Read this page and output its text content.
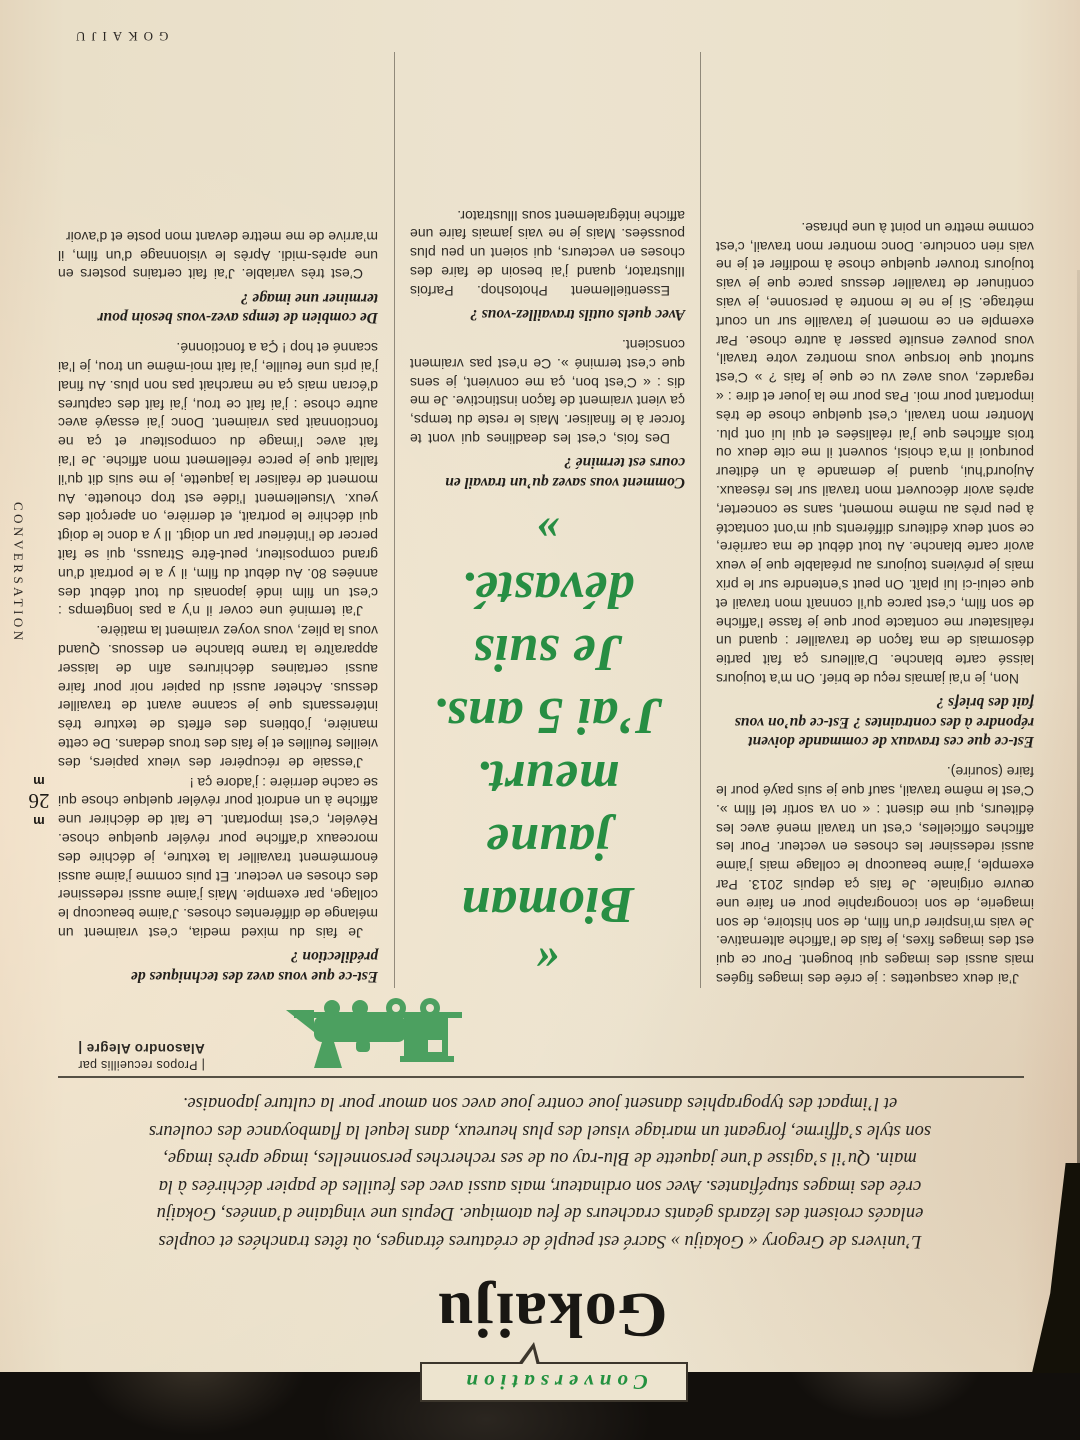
Conversation
Gokaiju
L’univers de Gregory « Gokaiju » Sacré est peuplé de créatures étranges, où têtes tranchées et couples
enlacés croisent des lézards géants cracheurs de feu atomique. Depuis une vingtaine d’années, Gokaiju
crée des images stupéfiantes. Avec son ordinateur, mais aussi avec des feuilles de papier déchirées à la
main. Qu’il s’agisse d’une jaquette de Blu-ray ou de ses recherches personnelles, image après image,
son style s’affirme, forgeant un mariage visuel des plus heureux, dans lequel la flamboyance des couleurs
et l’impact des typographies dansent joue contre joue avec son amour pour la culture japonaise.
| Propos recueillis par
Alasondro Alegre |

J’ai deux casquettes : je crée des images figées mais aussi des images qui bougent. Pour ce qui est des images fixes, je fais de l’affiche alternative. Je vais m’inspirer d’un film, de son histoire, de son imagerie, de son iconographie pour en faire une œuvre originale. Je fais ça depuis 2013. Par exemple, j’aime beaucoup le collage mais j’aime aussi redessiner les choses en vecteur. Pour les affiches officielles, c’est un travail mené avec les éditeurs, qui me disent : « on va sortir tel film ». C’est le même travail, sauf que je suis payé pour le faire (sourire).

Est-ce que ces travaux de commande doivent répondre à des contraintes ? Est-ce qu’on vous fait des briefs ?

Non, je n’ai jamais reçu de brief. On m’a toujours laissé carte blanche. D’ailleurs ça fait partie désormais de ma façon de travailler : quand un réalisateur me contacte pour que je fasse l’affiche de son film, c’est parce qu’il connaît mon travail et que celui-ci lui plaît. On peut s’entendre sur le prix mais je préviens toujours au préalable que je veux avoir carte blanche. Au tout début de ma carrière, ce sont deux éditeurs différents qui m’ont contacté à peu près au même moment, sans se concerter, après avoir découvert mon travail sur les réseaux. Aujourd’hui, quand je demande à un éditeur pourquoi il m’a choisi, souvent il me cite deux ou trois affiches que j’ai réalisées et qui lui ont plu. Montrer mon travail, c’est quelque chose de très important pour moi. Pas pour me la jouer et dire : « regardez, vous avez vu ce que je fais ? » C’est surtout que lorsque vous montrez votre travail, vous pouvez ensuite passer à autre chose. Par exemple en ce moment je travaille sur un court métrage. Si je ne le montre à personne, je vais continuer de travailler dessus parce que je vais toujours trouver quelque chose à modifier et je ne vais rien conclure. Donc montrer mon travail, c’est comme mettre un point à une phrase.

«
Bioman
jaune
meurt.
J’ai 5 ans.
Je suis
dévasté.
»
Comment vous savez qu’un travail en cours est terminé ?

Des fois, c’est les deadlines qui vont te forcer à le finaliser. Mais le reste du temps, ça vient vraiment de façon instinctive. Je me dis : « C’est bon, ça me convient, je sens que c’est terminé ». Ce n’est pas vraiment conscient.

Avec quels outils travaillez-vous ?

Essentiellement Photoshop. Parfois Illustrator, quand j’ai besoin de faire des choses en vecteurs, qui soient un peu plus poussées. Mais je ne vais jamais faire une affiche intégralement sous Illustrator.

Est-ce que vous avez des techniques de prédilection ?

Je fais du mixed media, c’est vraiment un mélange de différentes choses. J’aime beaucoup le collage, par exemple. Mais j’aime aussi redessiner des choses en vecteur. Et puis comme j’aime aussi énormément travailler la texture, je déchire des morceaux d’affiche pour révéler quelque chose. Révéler, c’est important. Le fait de déchirer une affiche à un endroit pour révéler quelque chose qui se cache derrière : j’adore ça !

J’essaie de récupérer des vieux papiers, des vieilles feuilles et je fais des trous dedans. De cette manière, j’obtiens des effets de texture très intéressants que je scanne avant de travailler dessus. Acheter aussi du papier noir pour faire aussi certaines déchirures afin de laisser apparaître la trame blanche en dessous. Quand vous la pliez, vous voyez vraiment la matière.

J’ai terminé une cover il n’y a pas longtemps : c’est un film indé japonais du tout début des années 80. Au début du film, il y a le portrait d’un grand compositeur, peut-être Strauss, qui se fait percer de l’intérieur par un doigt. Il y a donc le doigt qui déchire le portrait, et derrière, on aperçoit des yeux. Visuellement l’idée est trop chouette. Au moment de réaliser la jaquette, je me suis dit qu’il fallait que je perce réellement mon affiche. Je l’ai fait avec l’image du compositeur et ça ne fonctionnait pas vraiment. Donc j’ai essayé avec autre chose : j’ai fait ce trou, j’ai fait des captures d’écran mais ça ne marchait pas non plus. Au final j’ai pris une feuille, j’ai fait moi-même un trou, je l’ai scanné et hop ! Ça a fonctionné.

De combien de temps avez-vous besoin pour terminer une image ?

C’est très variable. J’ai fait certains posters en une après-midi. Après le visionnage d’un film, il m’arrive de me mettre devant mon poste et d’avoir

m
26
m
CONVERSATION
GOKAIJU
